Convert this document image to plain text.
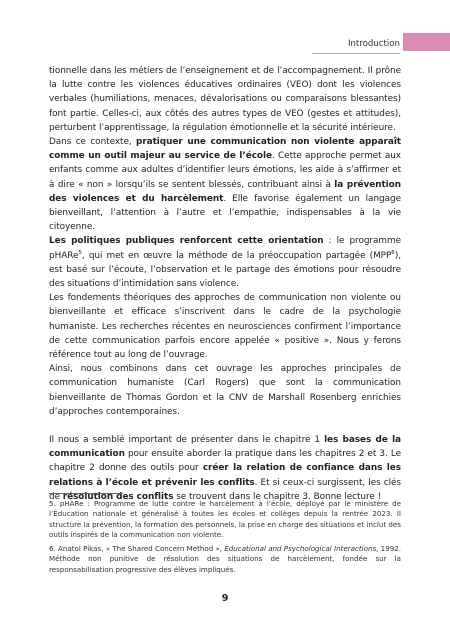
Introduction

tionnelle dans les métiers de l’enseignement et de l’accompagnement. Il prône la lutte contre les violences éducatives ordinaires (VEO) dont les violences verbales (humiliations, menaces, dévalorisations ou comparaisons blessantes) font partie. Celles-ci, aux côtés des autres types de VEO (gestes et attitudes), perturbent l’apprentissage, la régulation émotionnelle et la sécurité intérieure.

Dans ce contexte, pratiquer une communication non violente apparaît comme un outil majeur au service de l’école. Cette approche permet aux enfants comme aux adultes d’identifier leurs émotions, les aide à s’affirmer et à dire « non » lorsqu’ils se sentent blessés, contribuant ainsi à la prévention des violences et du harcèlement. Elle favorise également un langage bienveillant, l’attention à l’autre et l’empathie, indispensables à la vie citoyenne.

Les politiques publiques renforcent cette orientation : le programme pHARe$^5$, qui met en œuvre la méthode de la préoccupation partagée (MPP$^6$), est basé sur l’écoute, l’observation et le partage des émotions pour résoudre des situations d’intimidation sans violence.

Les fondements théoriques des approches de communication non violente ou bienveillante et efficace s’inscrivent dans le cadre de la psychologie humaniste. Les recherches récentes en neurosciences confirment l’importance de cette communication parfois encore appelée « positive ». Nous y ferons référence tout au long de l’ouvrage.

Ainsi, nous combinons dans cet ouvrage les approches principales de communication humaniste (Carl Rogers) que sont la communication bienveillante de Thomas Gordon et la CNV de Marshall Rosenberg enrichies d’approches contemporaines.

Il nous a semblé important de présenter dans le chapitre 1 les bases de la communication pour ensuite aborder la pratique dans les chapitres 2 et 3. Le chapitre 2 donne des outils pour créer la relation de confiance dans les relations à l’école et prévenir les conflits. Et si ceux-ci surgissent, les clés de résolution des conflits se trouvent dans le chapitre 3. Bonne lecture !

5. pHARe : Programme de lutte contre le harcèlement à l’école, déployé par le ministère de l’Éducation nationale et généralisé à toutes les écoles et collèges depuis la rentrée 2023. Il structure la prévention, la formation des personnels, la prise en charge des situations et inclut des outils inspirés de la communication non violente.

6. Anatol Pikas, « The Shared Concern Method », Educational and Psychological Interactions, 1992. Méthode non punitive de résolution des situations de harcèlement, fondée sur la responsabilisation progressive des élèves impliqués.

9
